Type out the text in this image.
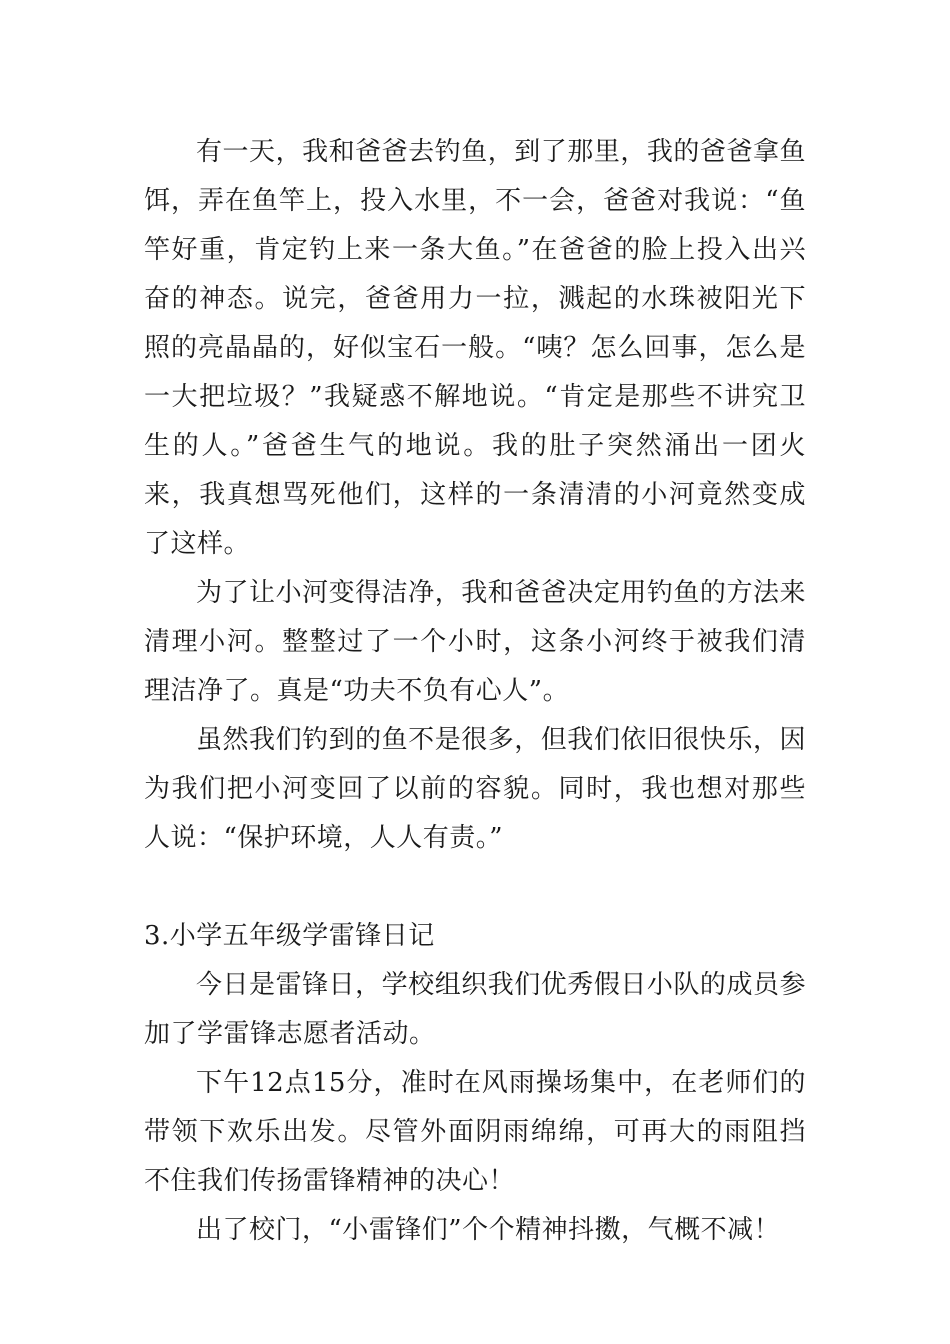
有一天，我和爸爸去钓鱼，到了那里，我的爸爸拿鱼饵，弄在鱼竿上，投入水里，不一会，爸爸对我说：“鱼竿好重，肯定钓上来一条大鱼。”在爸爸的脸上投入出兴奋的神态。说完，爸爸用力一拉，溅起的水珠被阳光下照的亮晶晶的，好似宝石一般。“咦？怎么回事，怎么是一大把垃圾？”我疑惑不解地说。“肯定是那些不讲究卫生的人。”爸爸生气的地说。我的肚子突然涌出一团火来，我真想骂死他们，这样的一条清清的小河竟然变成了这样。

为了让小河变得洁净，我和爸爸决定用钓鱼的方法来清理小河。整整过了一个小时，这条小河终于被我们清理洁净了。真是“功夫不负有心人”。

虽然我们钓到的鱼不是很多，但我们依旧很快乐，因为我们把小河变回了以前的容貌。同时，我也想对那些人说：“保护环境，人人有责。”

3.小学五年级学雷锋日记

今日是雷锋日，学校组织我们优秀假日小队的成员参加了学雷锋志愿者活动。

下午12点15分，准时在风雨操场集中，在老师们的带领下欢乐出发。尽管外面阴雨绵绵，可再大的雨阻挡不住我们传扬雷锋精神的决心！

出了校门，“小雷锋们”个个精神抖擞，气概不减！
